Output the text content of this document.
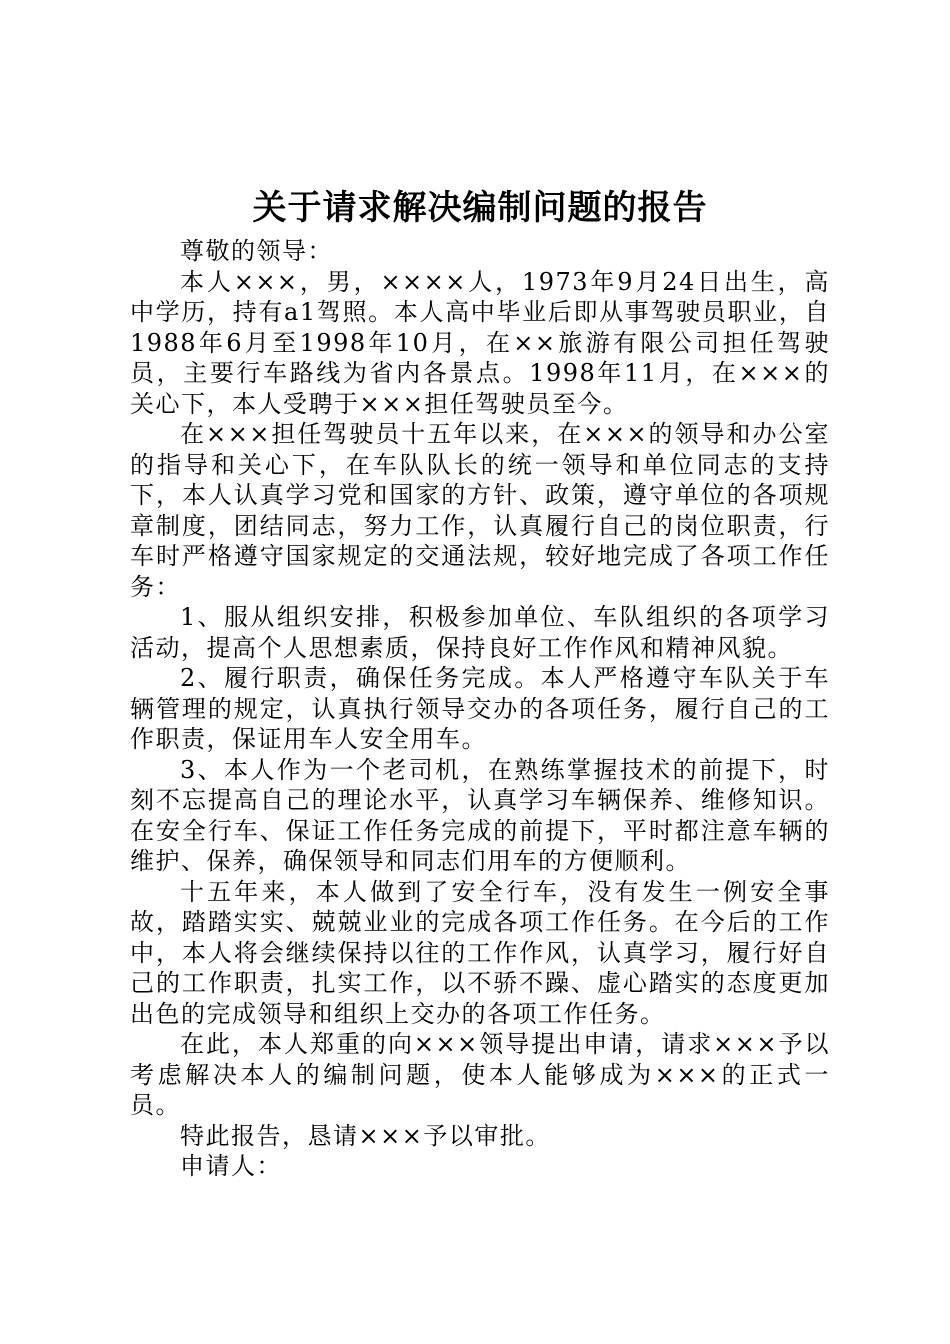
关于请求解决编制问题的报告

尊敬的领导：

本人×××，男，××××人，1973年9月24日出生，高中学历，持有a1驾照。本人高中毕业后即从事驾驶员职业，自1988年6月至1998年10月，在××旅游有限公司担任驾驶员，主要行车路线为省内各景点。1998年11月，在×××的关心下，本人受聘于×××担任驾驶员至今。

在×××担任驾驶员十五年以来，在×××的领导和办公室的指导和关心下，在车队队长的统一领导和单位同志的支持下，本人认真学习党和国家的方针、政策，遵守单位的各项规章制度，团结同志，努力工作，认真履行自己的岗位职责，行车时严格遵守国家规定的交通法规，较好地完成了各项工作任务：

1、服从组织安排，积极参加单位、车队组织的各项学习活动，提高个人思想素质，保持良好工作作风和精神风貌。

2、履行职责，确保任务完成。本人严格遵守车队关于车辆管理的规定，认真执行领导交办的各项任务，履行自己的工作职责，保证用车人安全用车。

3、本人作为一个老司机，在熟练掌握技术的前提下，时刻不忘提高自己的理论水平，认真学习车辆保养、维修知识。在安全行车、保证工作任务完成的前提下，平时都注意车辆的维护、保养，确保领导和同志们用车的方便顺利。

十五年来，本人做到了安全行车，没有发生一例安全事故，踏踏实实、兢兢业业的完成各项工作任务。在今后的工作中，本人将会继续保持以往的工作作风，认真学习，履行好自己的工作职责，扎实工作，以不骄不躁、虚心踏实的态度更加出色的完成领导和组织上交办的各项工作任务。

在此，本人郑重的向×××领导提出申请，请求×××予以考虑解决本人的编制问题，使本人能够成为×××的正式一员。

特此报告，恳请×××予以审批。

申请人：
